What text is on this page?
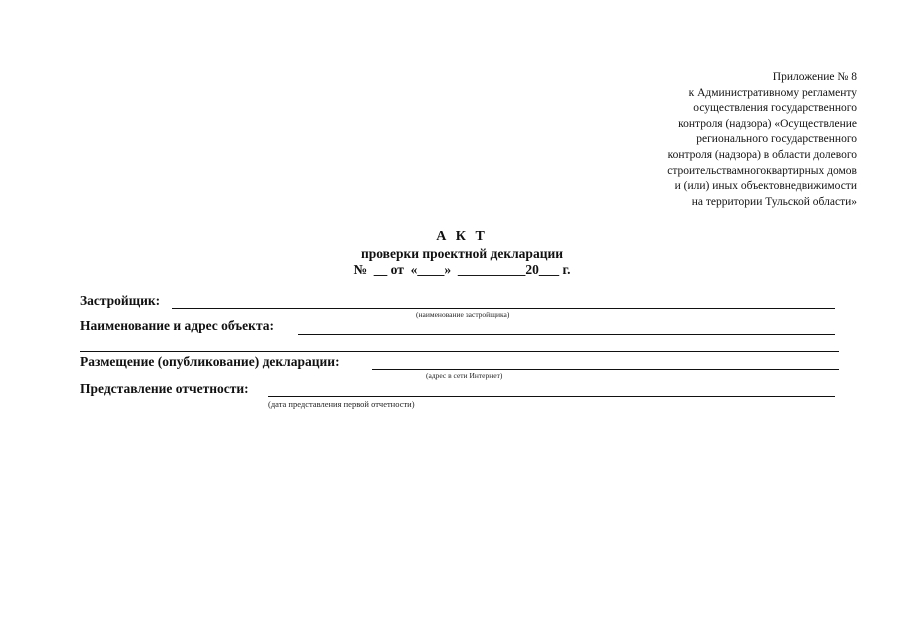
Приложение № 8
к Административному регламенту
осуществления государственного
контроля (надзора) «Осуществление
регионального государственного
контроля (надзора) в области долевого
строительствамногоквартирных домов
и (или) иных объектовнедвижимости
на территории Тульской области»
А К Т
проверки проектной декларации
№  __ от  «____»  __________20___ г.
Застройщик:
(наименование застройщика)
Наименование и адрес объекта:
Размещение (опубликование) декларации:
(адрес в сети Интернет)
Представление отчетности:
(дата представления первой отчетности)
